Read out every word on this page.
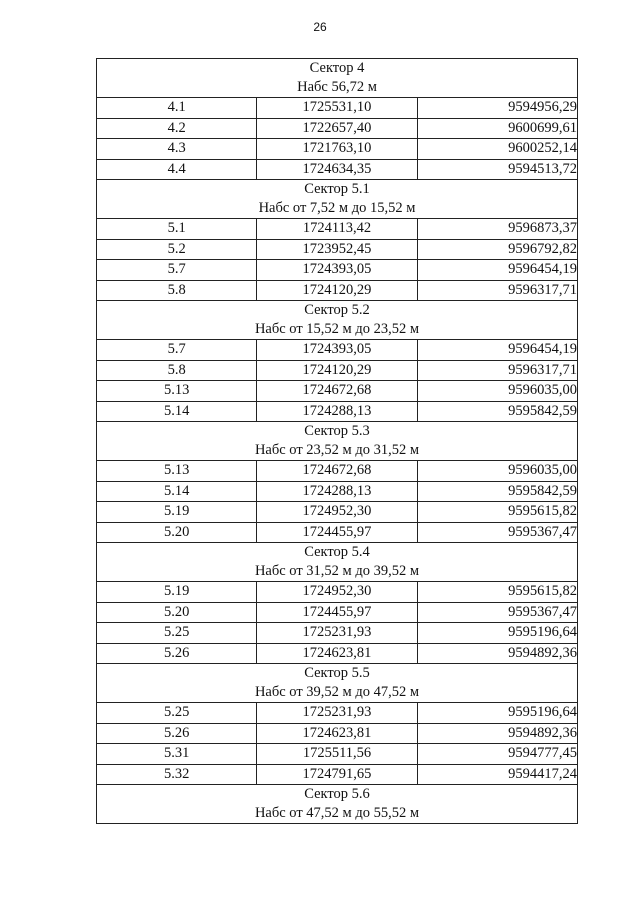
26
Сектор 4
Набс 56,72 м		

4.1	1725531,10	9594956,29
4.2	1722657,40	9600699,61
4.3	1721763,10	9600252,14
4.4	1724634,35	9594513,72

Сектор 5.1
Набс от 7,52 м до 15,52 м		

5.1	1724113,42	9596873,37
5.2	1723952,45	9596792,82
5.7	1724393,05	9596454,19
5.8	1724120,29	9596317,71

Сектор 5.2
Набс от 15,52 м до 23,52 м		

5.7	1724393,05	9596454,19
5.8	1724120,29	9596317,71
5.13	1724672,68	9596035,00
5.14	1724288,13	9595842,59

Сектор 5.3
Набс от 23,52 м до 31,52 м		

5.13	1724672,68	9596035,00
5.14	1724288,13	9595842,59
5.19	1724952,30	9595615,82
5.20	1724455,97	9595367,47

Сектор 5.4
Набс от 31,52 м до 39,52 м		

5.19	1724952,30	9595615,82
5.20	1724455,97	9595367,47
5.25	1725231,93	9595196,64
5.26	1724623,81	9594892,36

Сектор 5.5
Набс от 39,52 м до 47,52 м		

5.25	1725231,93	9595196,64
5.26	1724623,81	9594892,36
5.31	1725511,56	9594777,45
5.32	1724791,65	9594417,24

Сектор 5.6
Набс от 47,52 м до 55,52 м		
